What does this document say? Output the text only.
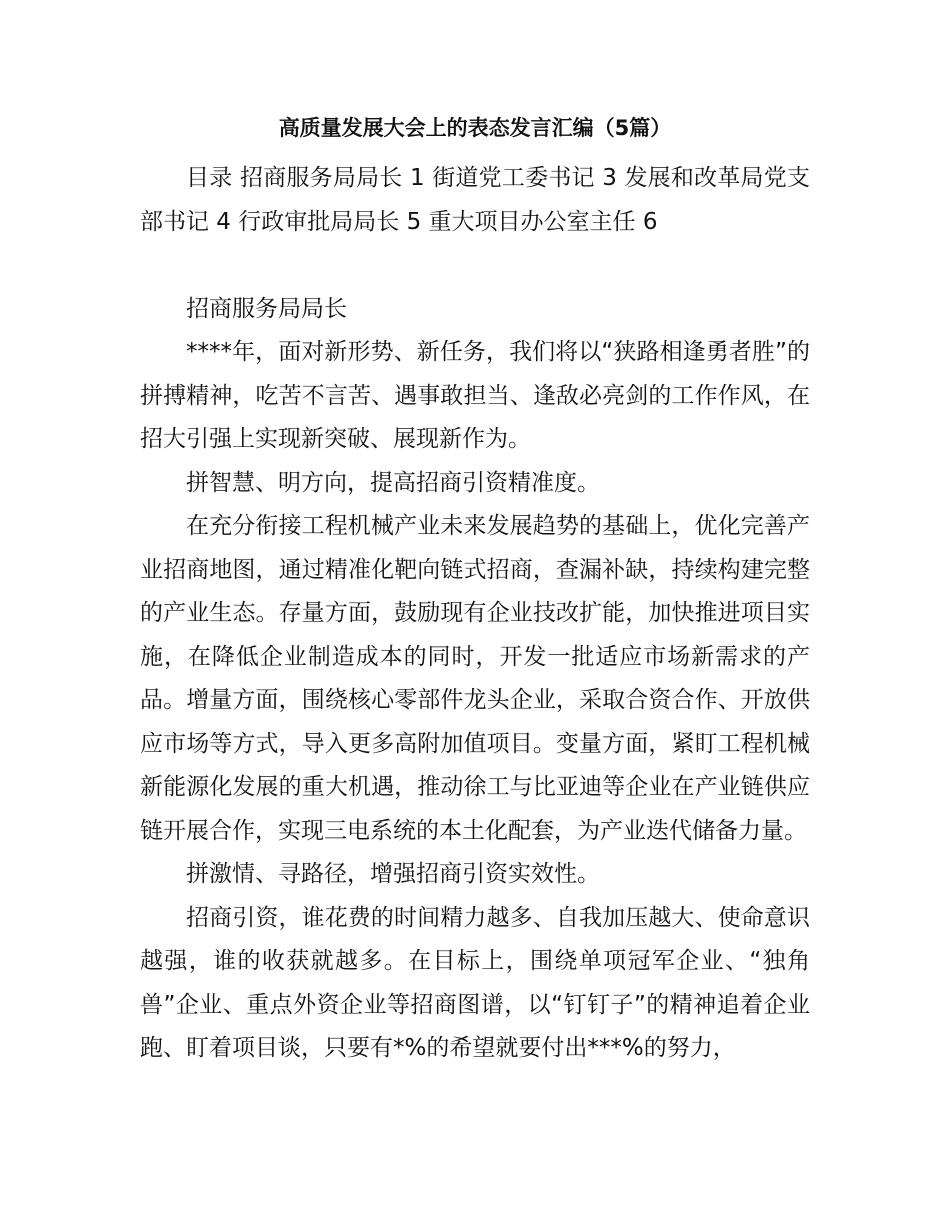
高质量发展大会上的表态发言汇编（5篇）

目录 招商服务局局长 1 街道党工委书记 3 发展和改革局党支部书记 4 行政审批局局长 5 重大项目办公室主任 6

招商服务局局长

****年，面对新形势、新任务，我们将以“狭路相逢勇者胜”的拼搏精神，吃苦不言苦、遇事敢担当、逢敌必亮剑的工作作风，在招大引强上实现新突破、展现新作为。

拼智慧、明方向，提高招商引资精准度。

在充分衔接工程机械产业未来发展趋势的基础上，优化完善产业招商地图，通过精准化靶向链式招商，查漏补缺，持续构建完整的产业生态。存量方面，鼓励现有企业技改扩能，加快推进项目实施，在降低企业制造成本的同时，开发一批适应市场新需求的产品。增量方面，围绕核心零部件龙头企业，采取合资合作、开放供应市场等方式，导入更多高附加值项目。变量方面，紧盯工程机械新能源化发展的重大机遇，推动徐工与比亚迪等企业在产业链供应链开展合作，实现三电系统的本土化配套，为产业迭代储备力量。

拼激情、寻路径，增强招商引资实效性。

招商引资，谁花费的时间精力越多、自我加压越大、使命意识越强，谁的收获就越多。在目标上，围绕单项冠军企业、“独角兽”企业、重点外资企业等招商图谱，以“钉钉子”的精神追着企业跑、盯着项目谈，只要有*%的希望就要付出***%的努力，
